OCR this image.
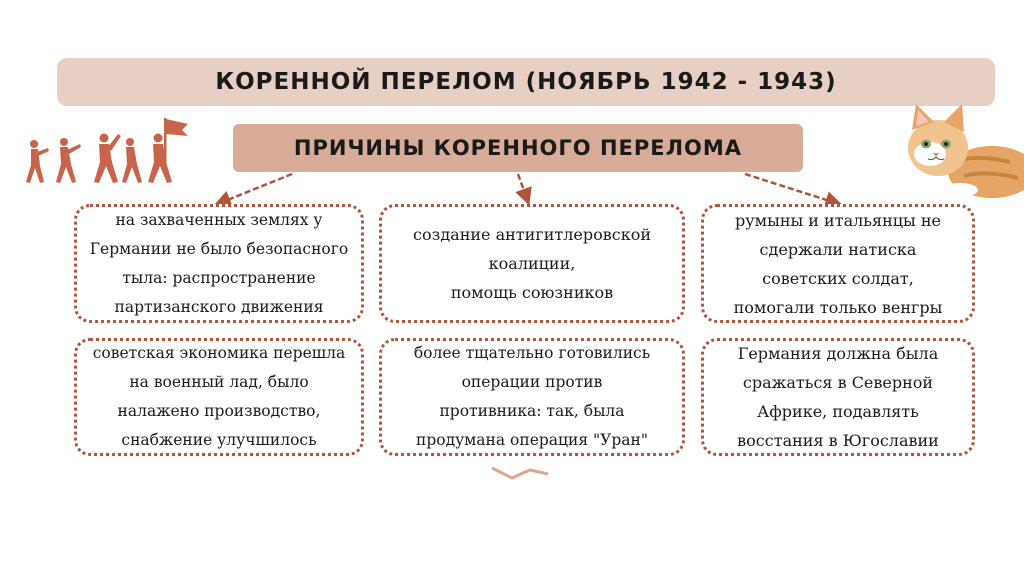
КОРЕННОЙ ПЕРЕЛОМ (НОЯБРЬ 1942 - 1943)
ПРИЧИНЫ КОРЕННОГО ПЕРЕЛОМА
на захваченных землях у
Германии не было безопасного
тыла: распространение
партизанского движения
создание антигитлеровской
коалиции,
помощь союзников
румыны и итальянцы не
сдержали натиска
советских солдат,
помогали только венгры
советская экономика перешла
на военный лад, было
налажено производство,
снабжение улучшилось
более тщательно готовились
операции против
противника: так, была
продумана операция "Уран"
Германия должна была
сражаться в Северной
Африке, подавлять
восстания в Югославии
